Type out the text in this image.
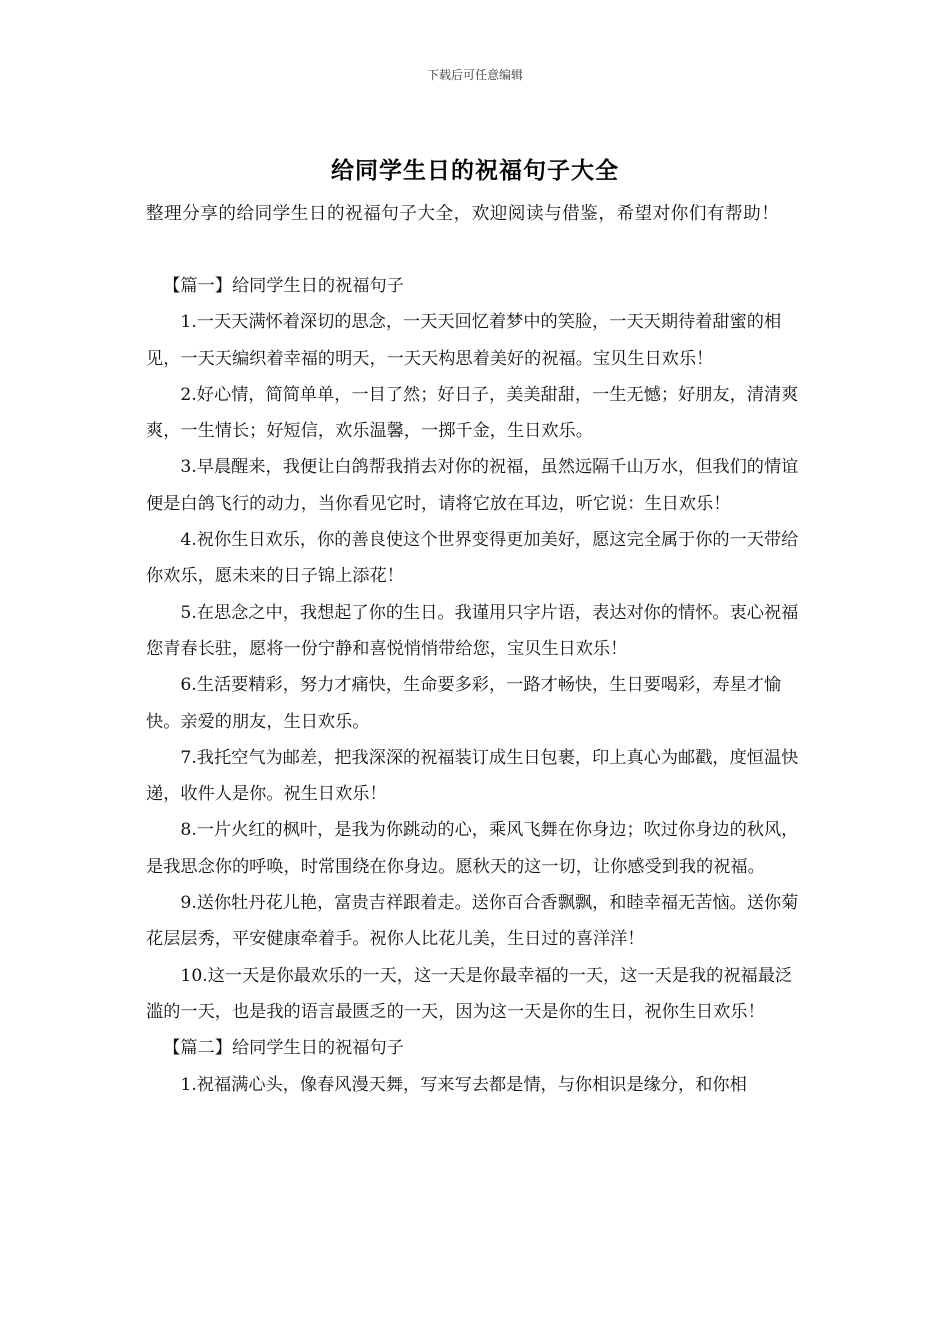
下载后可任意编辑
给同学生日的祝福句子大全
整理分享的给同学生日的祝福句子大全，欢迎阅读与借鉴，希望对你们有帮助！

【篇一】给同学生日的祝福句子

1.一天天满怀着深切的思念，一天天回忆着梦中的笑脸，一天天期待着甜蜜的相见，一天天编织着幸福的明天，一天天构思着美好的祝福。宝贝生日欢乐！

2.好心情，简简单单，一目了然；好日子，美美甜甜，一生无憾；好朋友，清清爽爽，一生情长；好短信，欢乐温馨，一掷千金，生日欢乐。

3.早晨醒来，我便让白鸽帮我捎去对你的祝福，虽然远隔千山万水，但我们的情谊便是白鸽飞行的动力，当你看见它时，请将它放在耳边，听它说：生日欢乐！

4.祝你生日欢乐，你的善良使这个世界变得更加美好，愿这完全属于你的一天带给你欢乐，愿未来的日子锦上添花！

5.在思念之中，我想起了你的生日。我谨用只字片语，表达对你的情怀。衷心祝福您青春长驻，愿将一份宁静和喜悦悄悄带给您，宝贝生日欢乐！

6.生活要精彩，努力才痛快，生命要多彩，一路才畅快，生日要喝彩，寿星才愉快。亲爱的朋友，生日欢乐。

7.我托空气为邮差，把我深深的祝福装订成生日包裹，印上真心为邮戳，度恒温快递，收件人是你。祝生日欢乐！

8.一片火红的枫叶，是我为你跳动的心，乘风飞舞在你身边；吹过你身边的秋风，是我思念你的呼唤，时常围绕在你身边。愿秋天的这一切，让你感受到我的祝福。

9.送你牡丹花儿艳，富贵吉祥跟着走。送你百合香飘飘，和睦幸福无苦恼。送你菊花层层秀，平安健康牵着手。祝你人比花儿美，生日过的喜洋洋！

10.这一天是你最欢乐的一天，这一天是你最幸福的一天，这一天是我的祝福最泛滥的一天，也是我的语言最匮乏的一天，因为这一天是你的生日，祝你生日欢乐！

【篇二】给同学生日的祝福句子

1.祝福满心头，像春风漫天舞，写来写去都是情，与你相识是缘分，和你相
